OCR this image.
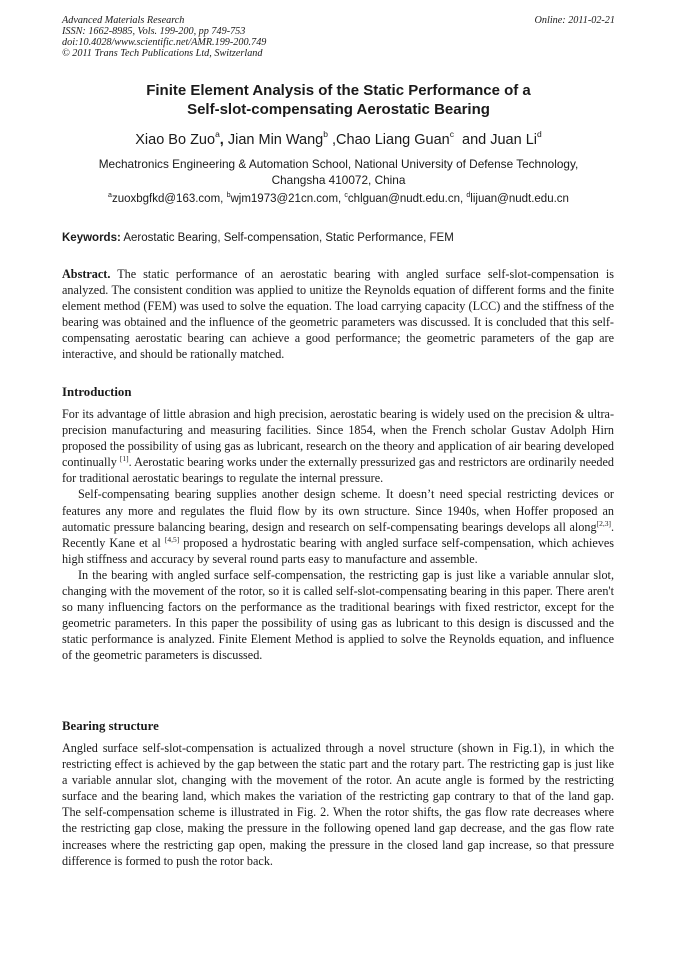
Advanced Materials Research
ISSN: 1662-8985, Vols. 199-200, pp 749-753
doi:10.4028/www.scientific.net/AMR.199-200.749
© 2011 Trans Tech Publications Ltd, Switzerland
Online: 2011-02-21
Finite Element Analysis of the Static Performance of a
Self-slot-compensating Aerostatic Bearing
Xiao Bo Zuo$^a$, Jian Min Wang$^b$ ,Chao Liang Guan$^c$  and Juan Li$^d$
Mechatronics Engineering & Automation School, National University of Defense Technology,
Changsha 410072, China
$^a$zuoxbgfkd@163.com, $^b$wjm1973@21cn.com, $^c$chlguan@nudt.edu.cn, $^d$lijuan@nudt.edu.cn
Keywords: Aerostatic Bearing, Self-compensation, Static Performance, FEM

Abstract. The static performance of an aerostatic bearing with angled surface self-slot-compensation is analyzed. The consistent condition was applied to unitize the Reynolds equation of different forms and the finite element method (FEM) was used to solve the equation. The load carrying capacity (LCC) and the stiffness of the bearing was obtained and the influence of the geometric parameters was discussed. It is concluded that this self-compensating aerostatic bearing can achieve a good performance; the geometric parameters of the gap are interactive, and should be rationally matched.

Introduction

For its advantage of little abrasion and high precision, aerostatic bearing is widely used on the precision & ultra-precision manufacturing and measuring facilities. Since 1854, when the French scholar Gustav Adolph Hirn proposed the possibility of using gas as lubricant, research on the theory and application of air bearing developed continually [1]. Aerostatic bearing works under the externally pressurized gas and restrictors are ordinarily needed for traditional aerostatic bearings to regulate the internal pressure.

Self-compensating bearing supplies another design scheme. It doesn’t need special restricting devices or features any more and regulates the fluid flow by its own structure. Since 1940s, when Hoffer proposed an automatic pressure balancing bearing, design and research on self-compensating bearings develops all along[2,3]. Recently Kane et al [4,5] proposed a hydrostatic bearing with angled surface self-compensation, which achieves high stiffness and accuracy by several round parts easy to manufacture and assemble.

In the bearing with angled surface self-compensation, the restricting gap is just like a variable annular slot, changing with the movement of the rotor, so it is called self-slot-compensating bearing in this paper. There aren't so many influencing factors on the performance as the traditional bearings with fixed restrictor, except for the geometric parameters. In this paper the possibility of using gas as lubricant to this design is discussed and the static performance is analyzed. Finite Element Method is applied to solve the Reynolds equation, and influence of the geometric parameters is discussed.

Bearing structure

Angled surface self-slot-compensation is actualized through a novel structure (shown in Fig.1), in which the restricting effect is achieved by the gap between the static part and the rotary part. The restricting gap is just like a variable annular slot, changing with the movement of the rotor. An acute angle is formed by the restricting surface and the bearing land, which makes the variation of the restricting gap contrary to that of the land gap. The self-compensation scheme is illustrated in Fig. 2. When the rotor shifts, the gas flow rate decreases where the restricting gap close, making the pressure in the following opened land gap decrease, and the gas flow rate increases where the restricting gap open, making the pressure in the closed land gap increase, so that pressure difference is formed to push the rotor back.
